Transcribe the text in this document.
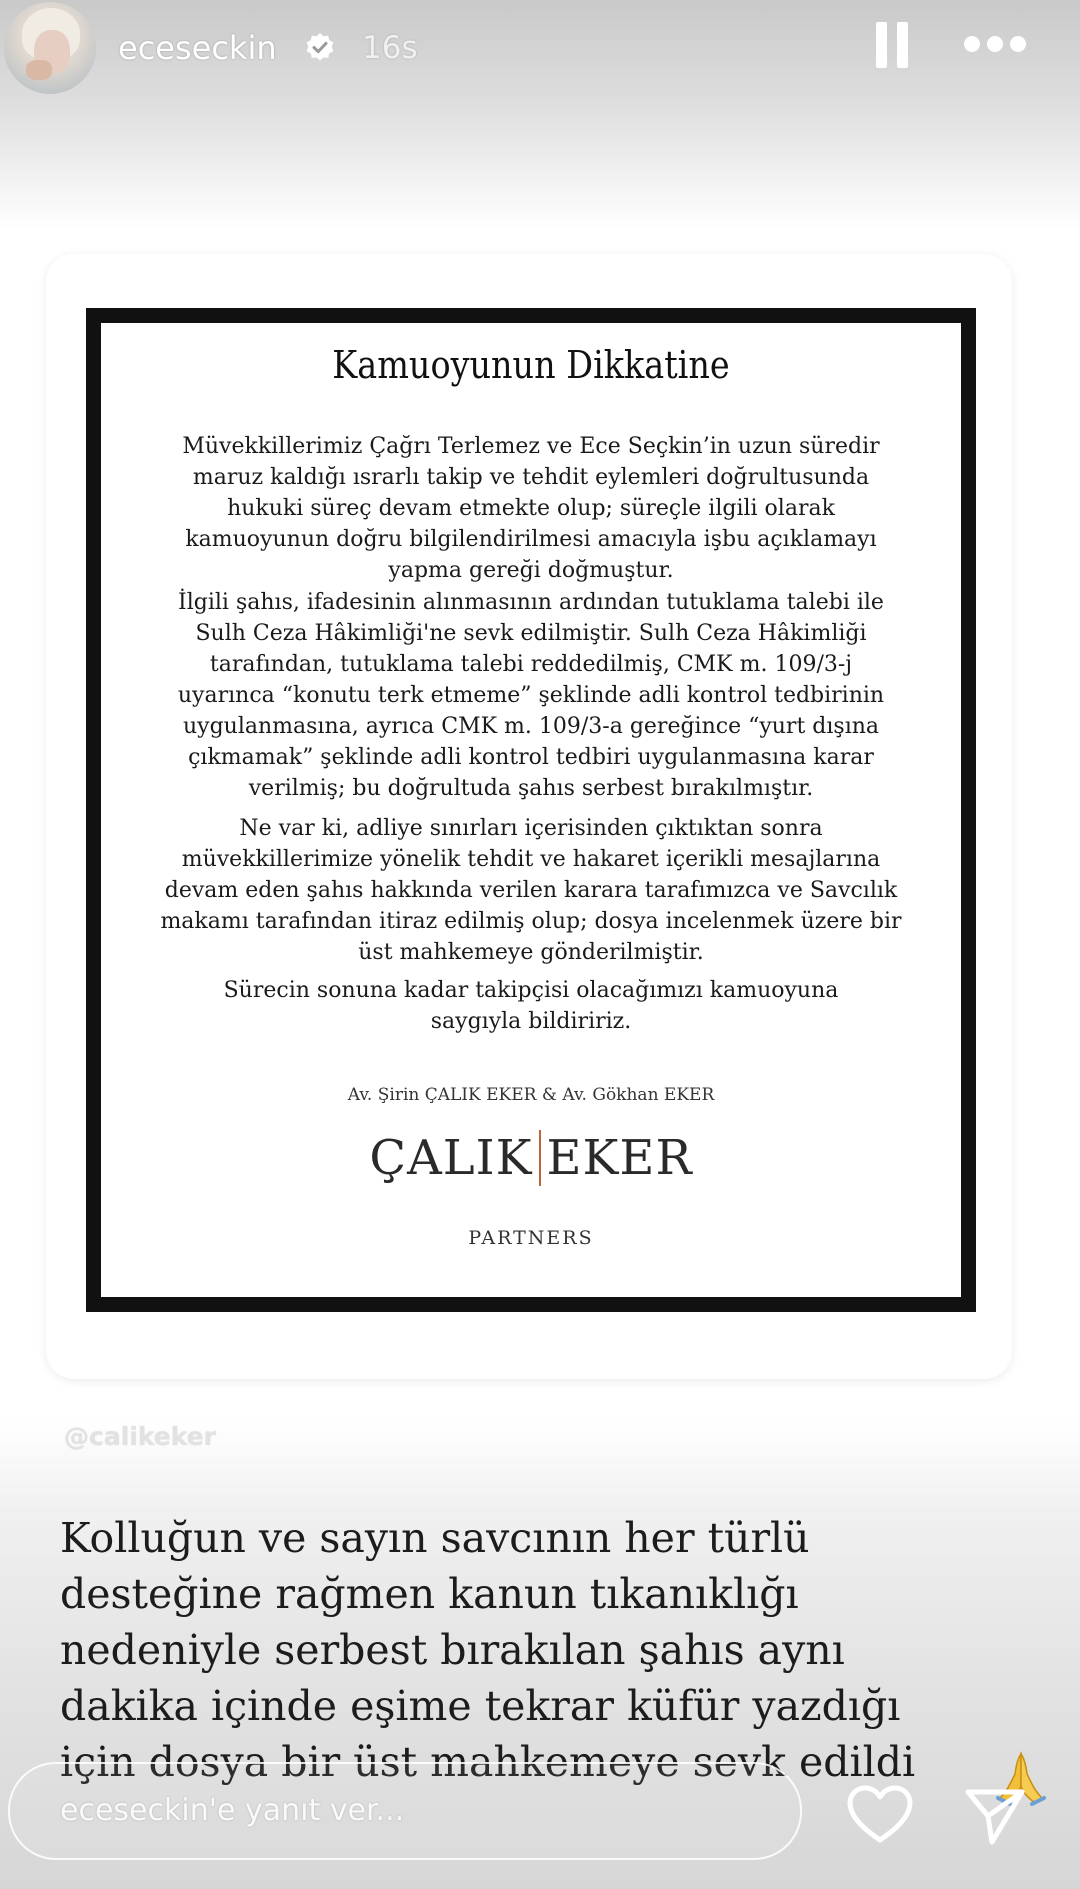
eceseckin	16s
Kamuoyunun Dikkatine

Müvekkillerimiz Çağrı Terlemez ve Ece Seçkin’in uzun süredir
maruz kaldığı ısrarlı takip ve tehdit eylemleri doğrultusunda
hukuki süreç devam etmekte olup; süreçle ilgili olarak
kamuoyunun doğru bilgilendirilmesi amacıyla işbu açıklamayı
yapma gereği doğmuştur.

İlgili şahıs, ifadesinin alınmasının ardından tutuklama talebi ile
Sulh Ceza Hâkimliği'ne sevk edilmiştir. Sulh Ceza Hâkimliği
tarafından, tutuklama talebi reddedilmiş, CMK m. 109/3-j
uyarınca “konutu terk etmeme” şeklinde adli kontrol tedbirinin
uygulanmasına, ayrıca CMK m. 109/3-a gereğince “yurt dışına
çıkmamak” şeklinde adli kontrol tedbiri uygulanmasına karar
verilmiş; bu doğrultuda şahıs serbest bırakılmıştır.

Ne var ki, adliye sınırları içerisinden çıktıktan sonra
müvekkillerimize yönelik tehdit ve hakaret içerikli mesajlarına
devam eden şahıs hakkında verilen karara tarafımızca ve Savcılık
makamı tarafından itiraz edilmiş olup; dosya incelenmek üzere bir
üst mahkemeye gönderilmiştir.

Sürecin sonuna kadar takipçisi olacağımızı kamuoyuna
saygıyla bildiririz.

Av. Şirin ÇALIK EKER & Av. Gökhan EKER
ÇALIK EKER
PARTNERS
@calikeker

Kolluğun ve sayın savcının her türlü
desteğine rağmen kanun tıkanıklığı
nedeniyle serbest bırakılan şahıs aynı
dakika içinde eşime tekrar küfür yazdığı
için dosya bir üst mahkemeye sevk edildi

eceseckin'e yanıt ver...
